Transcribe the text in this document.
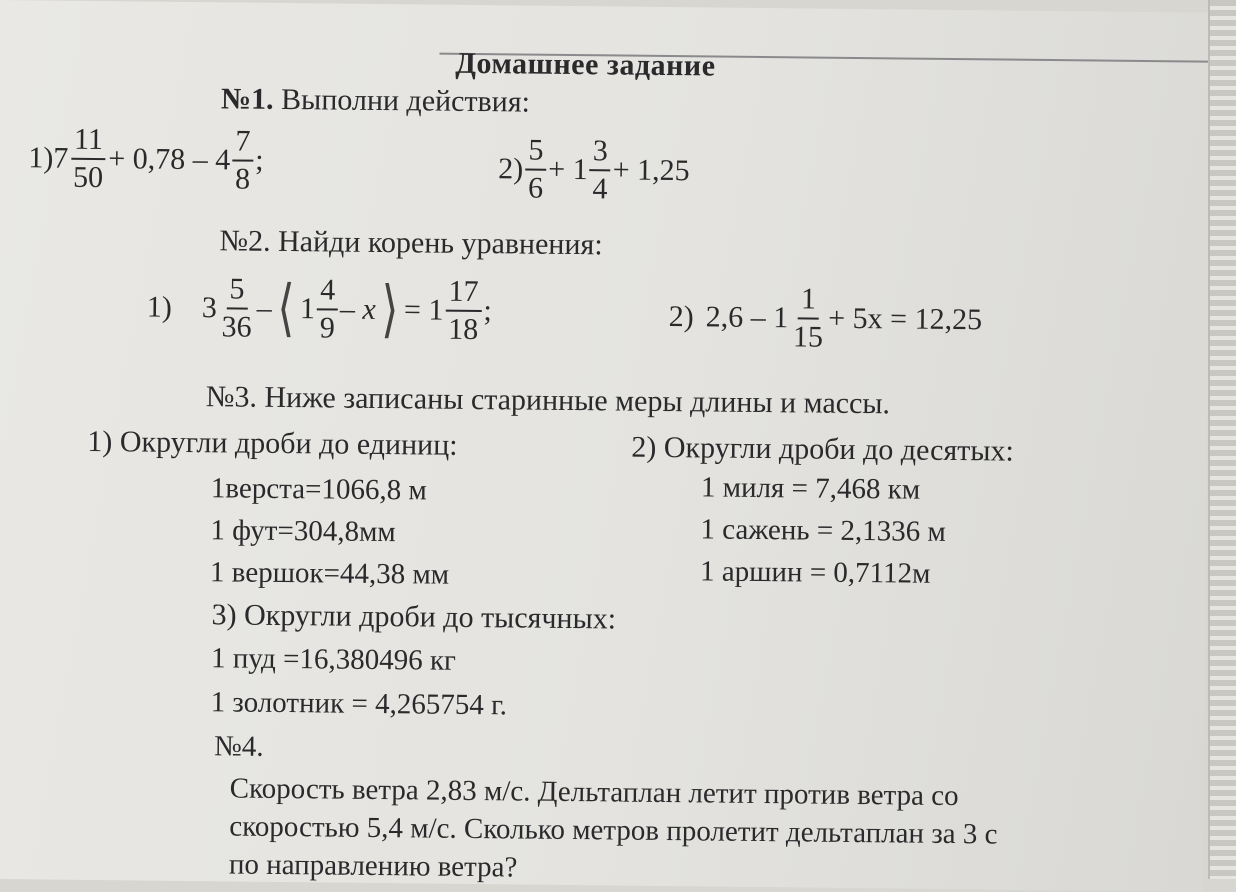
Домашнее задание
№1. Выполни действия:
1) $7 \frac{11}{50} + 0,78 - 4 \frac{7}{8}$ ;	$2) \frac{5}{6} + 1 \frac{3}{4} + 1,25$
№2. Найди корень уравнения:
1) $3 \frac{5}{36}$ – ⟨ $1 \frac{4}{9}$ – x ⟩ = $1 \frac{17}{18}$ ;	2) $2,6 - 1 \frac{1}{15} + 5x = 12,25$
№3. Ниже записаны старинные меры длины и массы.
1) Округли дроби до единиц:	2) Округли дроби до десятых:
1верста=1066,8 м
1 фут=304,8мм
1 вершок=44,38 мм
1 миля = 7,468 км
1 сажень = 2,1336 м
1 аршин = 0,7112м
3) Округли дроби до тысячных:
1 пуд =16,380496 кг
1 золотник = 4,265754 г.
№4.
Скорость ветра 2,83 м/с. Дельтаплан летит против ветра со
скоростью 5,4 м/с. Сколько метров пролетит дельтаплан за 3 с
по направлению ветра?
